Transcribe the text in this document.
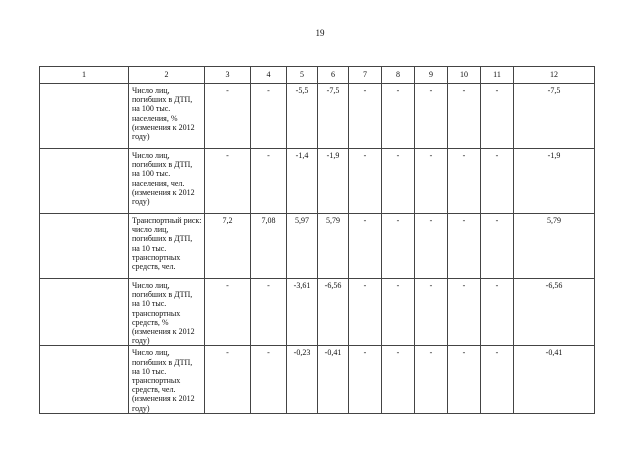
19
1	2	3	4	5	6	7	8	9	10	11	12
	Число лиц, погибших в ДТП, на 100 тыс. населения, % (изменения к 2012 году)	-	-	-5,5	-7,5	-	-	-	-	-	-7,5
	Число лиц, погибших в ДТП, на 100 тыс. населения, чел. (изменения к 2012 году)	-	-	-1,4	-1,9	-	-	-	-	-	-1,9
	Транспортный риск: число лиц, погибших в ДТП, на 10 тыс. транспортных средств, чел.	7,2	7,08	5,97	5,79	-	-	-	-	-	5,79
	Число лиц, погибших в ДТП, на 10 тыс. транспортных средств, % (изменения к 2012 году)	-	-	-3,61	-6,56	-	-	-	-	-	-6,56
	Число лиц, погибших в ДТП, на 10 тыс. транспортных средств, чел. (изменения к 2012 году)	-	-	-0,23	-0,41	-	-	-	-	-	-0,41
